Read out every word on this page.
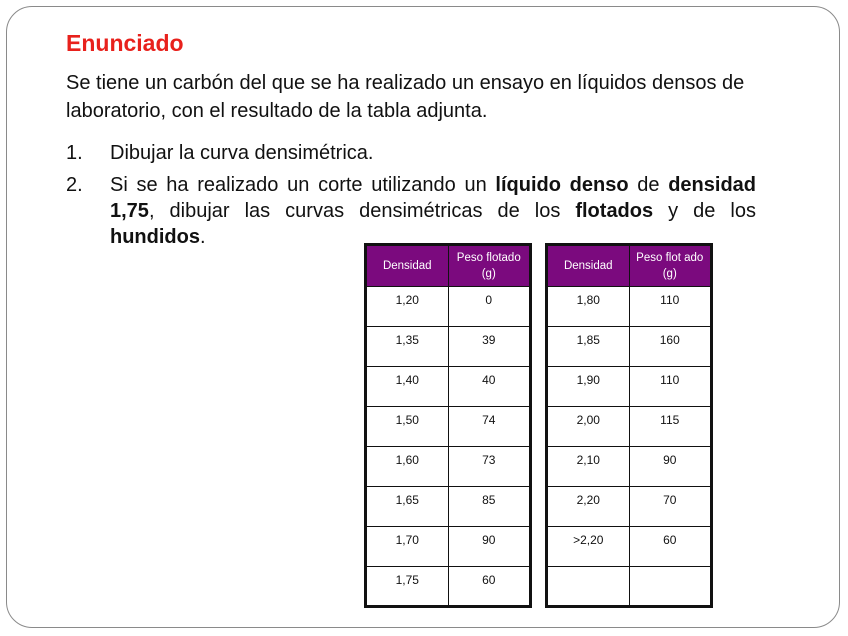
Enunciado
Se tiene un carbón del que se ha realizado un ensayo en líquidos densos de laboratorio, con el resultado de la tabla adjunta.
1. Dibujar la curva densimétrica.
2. Si se ha realizado un corte utilizando un líquido denso de densidad 1,75, dibujar las curvas densimétricas de los flotados y de los hundidos.
Densidad	Peso flotado (g)
1,20	0
1,35	39
1,40	40
1,50	74
1,60	73
1,65	85
1,70	90
1,75	60
Densidad	Peso flot ado (g)
1,80	110
1,85	160
1,90	110
2,00	115
2,10	90
2,20	70
>2,20	60
